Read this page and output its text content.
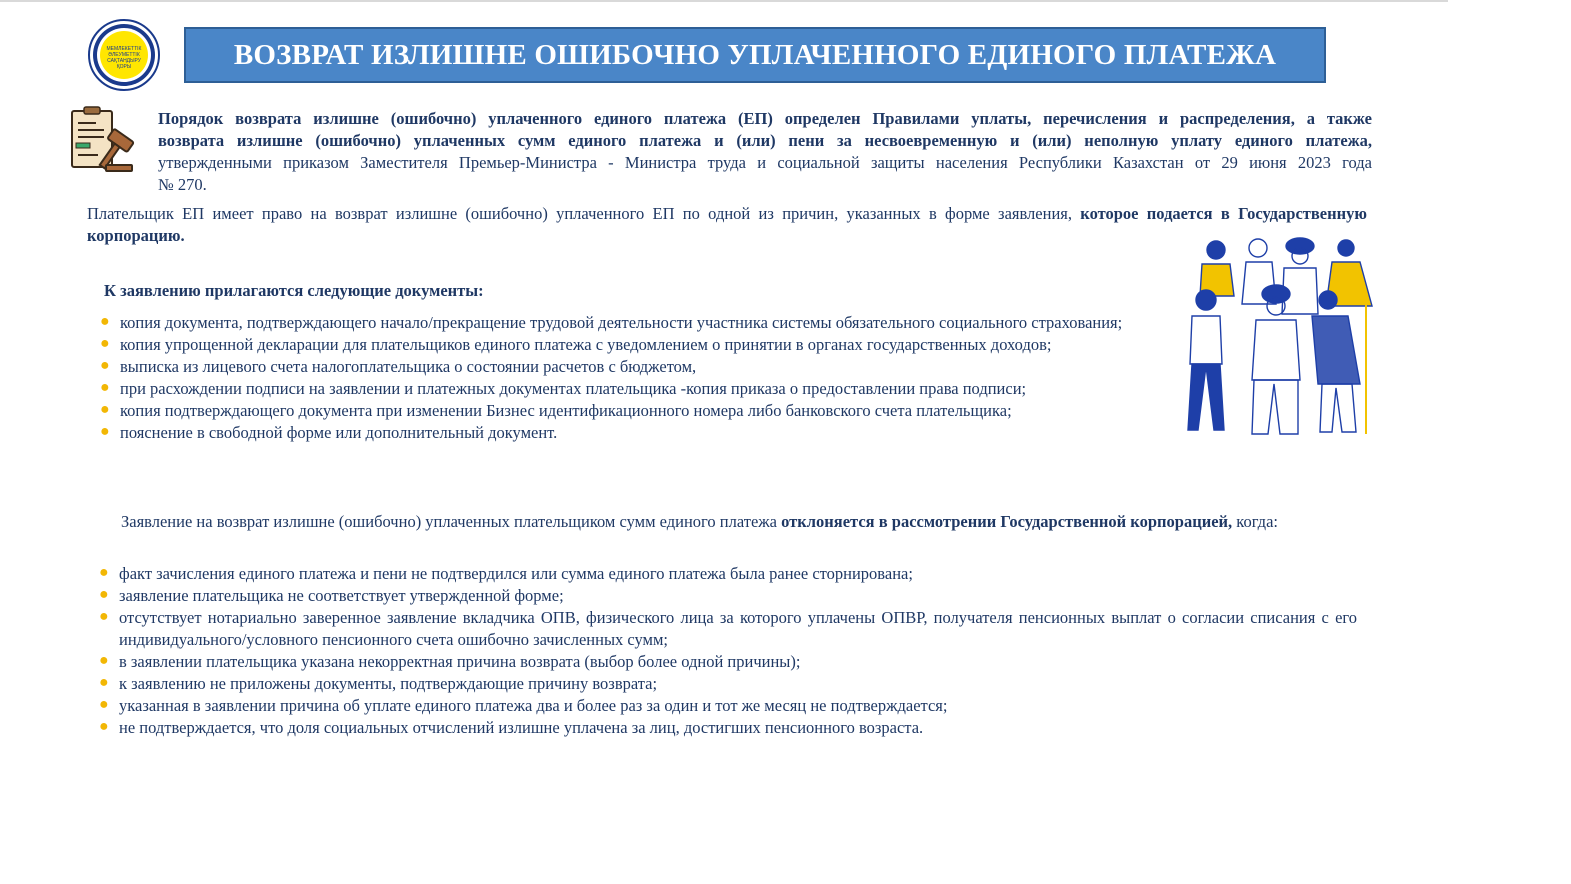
МЕМЛЕКЕТТІК
ӘЛЕУМЕТТІК
САҚТАНДЫРУ
ҚОРЫ	ВОЗВРАТ ИЗЛИШНЕ ОШИБОЧНО УПЛАЧЕННОГО ЕДИНОГО ПЛАТЕЖА
Порядок возврата излишне (ошибочно) уплаченного единого платежа (ЕП) определен Правилами уплаты, перечисления и распределения, а также
возврата излишне (ошибочно) уплаченных сумм единого платежа и (или) пени за несвоевременную и (или) неполную уплату единого платежа,
утвержденными приказом Заместителя Премьер-Министра - Министра труда и социальной защиты населения Республики Казахстан от 29 июня 2023 года
№ 270.
Плательщик ЕП имеет право на возврат излишне (ошибочно) уплаченного ЕП по одной из причин, указанных в форме заявления, которое подается в Государственную корпорацию.
К заявлению прилагаются следующие документы:
● копия документа, подтверждающего начало/прекращение трудовой деятельности участника системы обязательного социального страхования;
● копия упрощенной декларации для плательщиков единого платежа с уведомлением о принятии в органах государственных доходов;
● выписка из лицевого счета налогоплательщика о состоянии расчетов с бюджетом,
● при расхождении подписи на заявлении и платежных документах плательщика -копия приказа о предоставлении права подписи;
● копия подтверждающего документа при изменении Бизнес идентификационного номера либо банковского счета плательщика;
● пояснение в свободной форме или дополнительный документ.
Заявление на возврат излишне (ошибочно) уплаченных плательщиком сумм единого платежа отклоняется в рассмотрении Государственной корпорацией, когда:
● факт зачисления единого платежа и пени не подтвердился или сумма единого платежа была ранее сторнирована;
● заявление плательщика не соответствует утвержденной форме;
● отсутствует нотариально заверенное заявление вкладчика ОПВ, физического лица за которого уплачены ОПВР, получателя пенсионных выплат о согласии списания с его индивидуального/условного пенсионного счета ошибочно зачисленных сумм;
● в заявлении плательщика указана некорректная причина возврата (выбор более одной причины);
● к заявлению не приложены документы, подтверждающие причину возврата;
● указанная в заявлении причина об уплате единого платежа два и более раз за один и тот же месяц не подтверждается;
● не подтверждается, что доля социальных отчислений излишне уплачена за лиц, достигших пенсионного возраста.
